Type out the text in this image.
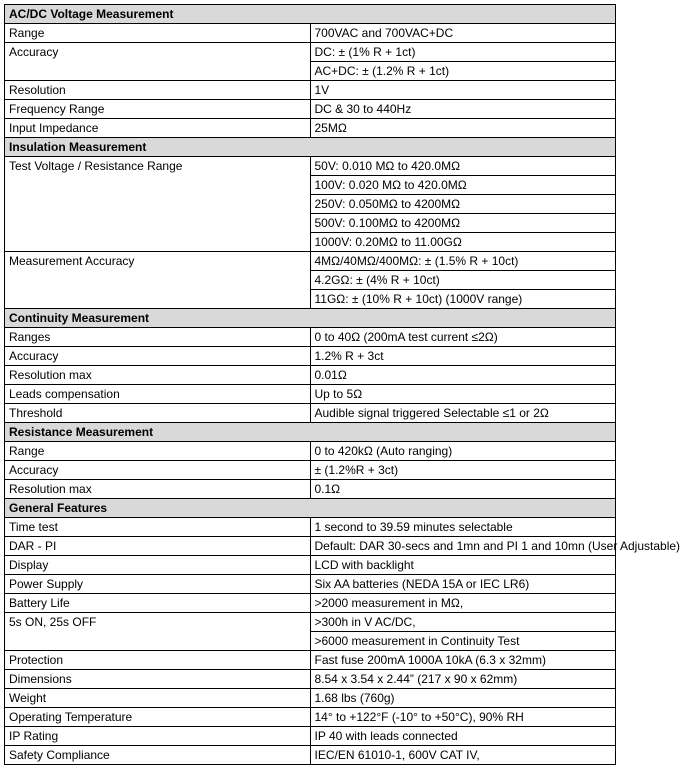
AC/DC Voltage Measurement	
Range	700VAC and 700VAC+DC
Accuracy	DC: ± (1% R + 1ct)
	AC+DC: ± (1.2% R + 1ct)
Resolution	1V
Frequency Range	DC & 30 to 440Hz
Input Impedance	25MΩ
Insulation Measurement	
Test Voltage / Resistance Range	50V: 0.010 MΩ to 420.0MΩ
	100V: 0.020 MΩ to 420.0MΩ
	250V: 0.050MΩ to 4200MΩ
	500V: 0.100MΩ to 4200MΩ
	1000V: 0.20MΩ to 11.00GΩ
Measurement Accuracy	4MΩ/40MΩ/400MΩ: ± (1.5% R + 10ct)
	4.2GΩ: ± (4% R + 10ct)
	11GΩ: ± (10% R + 10ct) (1000V range)
Continuity Measurement	
Ranges	0 to 40Ω (200mA test current ≤2Ω)
Accuracy	1.2% R + 3ct
Resolution max	0.01Ω
Leads compensation	Up to 5Ω
Threshold	Audible signal triggered Selectable ≤1 or 2Ω
Resistance Measurement	
Range	0 to 420kΩ (Auto ranging)
Accuracy	± (1.2%R + 3ct)
Resolution max	0.1Ω
General Features	
Time test	1 second to 39.59 minutes selectable
DAR - PI	Default: DAR 30-secs and 1mn and PI 1 and 10mn (User Adjustable)
Display	LCD with backlight
Power Supply	Six AA batteries (NEDA 15A or IEC LR6)
Battery Life	>2000 measurement in MΩ,
5s ON, 25s OFF	>300h in V AC/DC,
	>6000 measurement in Continuity Test
Protection	Fast fuse 200mA 1000A 10kA (6.3 x 32mm)
Dimensions	8.54 x 3.54 x 2.44” (217 x 90 x 62mm)
Weight	1.68 lbs (760g)
Operating Temperature	14° to +122°F (-10° to +50°C), 90% RH
IP Rating	IP 40 with leads connected
Safety Compliance	IEC/EN 61010-1, 600V CAT IV,
